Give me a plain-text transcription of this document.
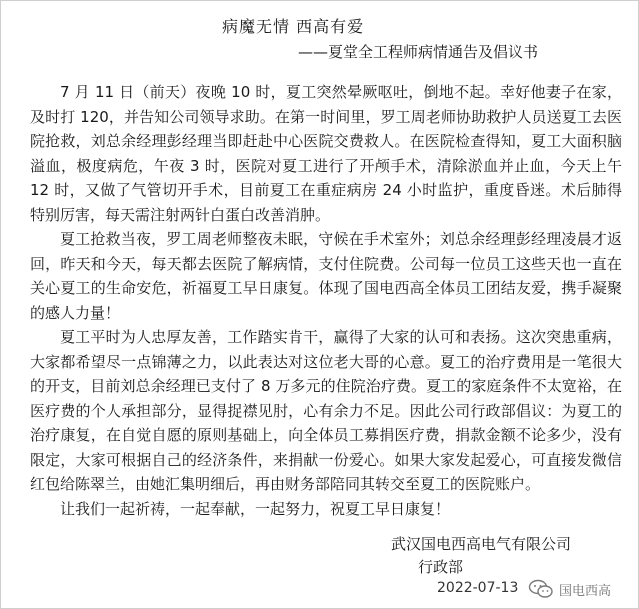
病魔无情 西高有爱
——夏堂全工程师病情通告及倡议书

7 月 11 日（前天）夜晚 10 时，夏工突然晕厥呕吐，倒地不起。幸好他妻子在家，及时打 120，并告知公司领导求助。在第一时间里，罗工周老师协助救护人员送夏工去医院抢救，刘总余经理彭经理当即赶赴中心医院交费救人。在医院检查得知，夏工大面积脑溢血，极度病危，午夜 3 时，医院对夏工进行了开颅手术，清除淤血并止血，今天上午 12 时，又做了气管切开手术，目前夏工在重症病房 24 小时监护，重度昏迷。术后肺得特别厉害，每天需注射两针白蛋白改善消肿。

夏工抢救当夜，罗工周老师整夜未眠，守候在手术室外；刘总余经理彭经理凌晨才返回，昨天和今天，每天都去医院了解病情，支付住院费。公司每一位员工这些天也一直在关心夏工的生命安危，祈福夏工早日康复。体现了国电西高全体员工团结友爱，携手凝聚的感人力量！

夏工平时为人忠厚友善，工作踏实肯干，赢得了大家的认可和表扬。这次突患重病，大家都希望尽一点锦薄之力，以此表达对这位老大哥的心意。夏工的治疗费用是一笔很大的开支，目前刘总余经理已支付了 8 万多元的住院治疗费。夏工的家庭条件不太宽裕，在医疗费的个人承担部分，显得捉襟见肘，心有余力不足。因此公司行政部倡议：为夏工的治疗康复，在自觉自愿的原则基础上，向全体员工募捐医疗费，捐款金额不论多少，没有限定，大家可根据自己的经济条件，来捐献一份爱心。如果大家发起爱心，可直接发微信红包给陈翠兰，由她汇集明细后，再由财务部陪同其转交至夏工的医院账户。

让我们一起祈祷，一起奉献，一起努力，祝夏工早日康复！

武汉国电西高电气有限公司
行政部
2022-07-13	国电西高
